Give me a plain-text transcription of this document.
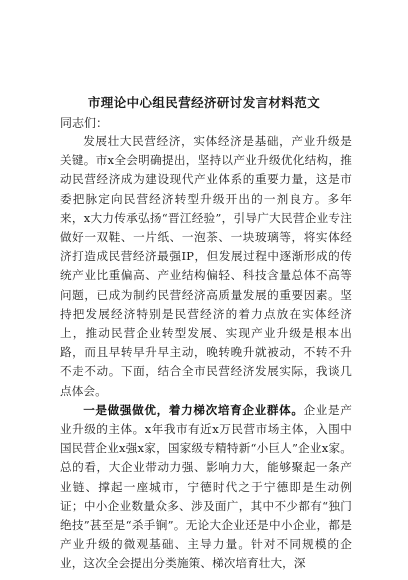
市理论中心组民营经济研讨发言材料范文
同志们：

发展壮大民营经济，实体经济是基础，产业升级是关键。市x全会明确提出，坚持以产业升级优化结构，推动民营经济成为建设现代产业体系的重要力量，这是市委把脉定向民营经济转型升级开出的一剂良方。多年来，x大力传承弘扬“晋江经验”，引导广大民营企业专注做好一双鞋、一片纸、一泡茶、一块玻璃等，将实体经济打造成民营经济最强IP，但发展过程中逐渐形成的传统产业比重偏高、产业结构偏轻、科技含量总体不高等问题，已成为制约民营经济高质量发展的重要因素。坚持把发展经济特别是民营经济的着力点放在实体经济上，推动民营企业转型发展、实现产业升级是根本出路，而且早转早升早主动，晚转晚升就被动，不转不升不走不动。下面，结合全市民营经济发展实际，我谈几点体会。

一是做强做优，着力梯次培育企业群体。企业是产业升级的主体。x年我市有近x万民营市场主体，入围中国民营企业x强x家，国家级专精特新“小巨人”企业x家。总的看，大企业带动力强、影响力大，能够聚起一条产业链、撑起一座城市，宁德时代之于宁德即是生动例证；中小企业数量众多、涉及面广，其中不少都有“独门绝技”甚至是“杀手锏”。无论大企业还是中小企业，都是产业升级的微观基础、主导力量。针对不同规模的企业，这次全会提出分类施策、梯次培育壮大，深
